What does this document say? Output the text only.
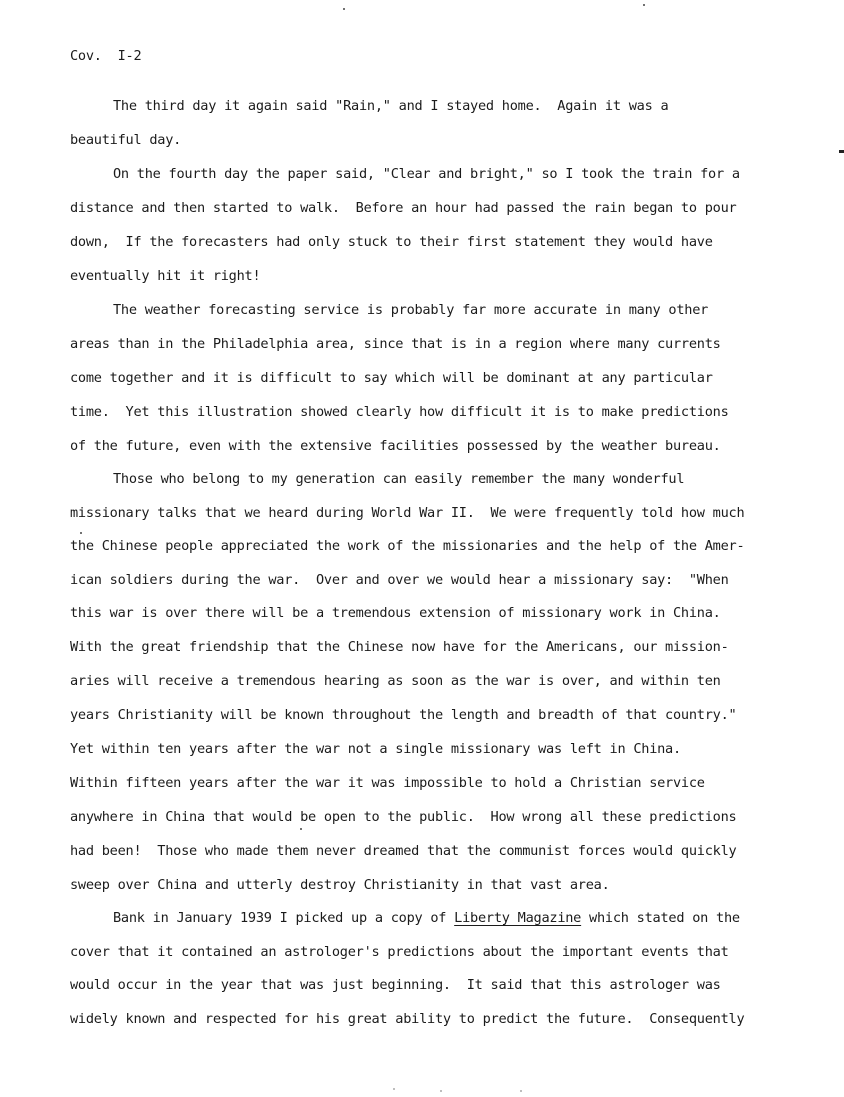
Cov.  I-2
The third day it again said "Rain," and I stayed home.  Again it was a
beautiful day.
On the fourth day the paper said, "Clear and bright," so I took the train for a
distance and then started to walk.  Before an hour had passed the rain began to pour
down,  If the forecasters had only stuck to their first statement they would have
eventually hit it right!
The weather forecasting service is probably far more accurate in many other
areas than in the Philadelphia area, since that is in a region where many currents
come together and it is difficult to say which will be dominant at any particular
time.  Yet this illustration showed clearly how difficult it is to make predictions
of the future, even with the extensive facilities possessed by the weather bureau.
Those who belong to my generation can easily remember the many wonderful
missionary talks that we heard during World War II.  We were frequently told how much
the Chinese people appreciated the work of the missionaries and the help of the Amer-
ican soldiers during the war.  Over and over we would hear a missionary say:  "When
this war is over there will be a tremendous extension of missionary work in China.
With the great friendship that the Chinese now have for the Americans, our mission-
aries will receive a tremendous hearing as soon as the war is over, and within ten
years Christianity will be known throughout the length and breadth of that country."
Yet within ten years after the war not a single missionary was left in China.
Within fifteen years after the war it was impossible to hold a Christian service
anywhere in China that would be open to the public.  How wrong all these predictions
had been!  Those who made them never dreamed that the communist forces would quickly
sweep over China and utterly destroy Christianity in that vast area.
Bank in January 1939 I picked up a copy of Liberty Magazine which stated on the
cover that it contained an astrologer's predictions about the important events that
would occur in the year that was just beginning.  It said that this astrologer was
widely known and respected for his great ability to predict the future.  Consequently
